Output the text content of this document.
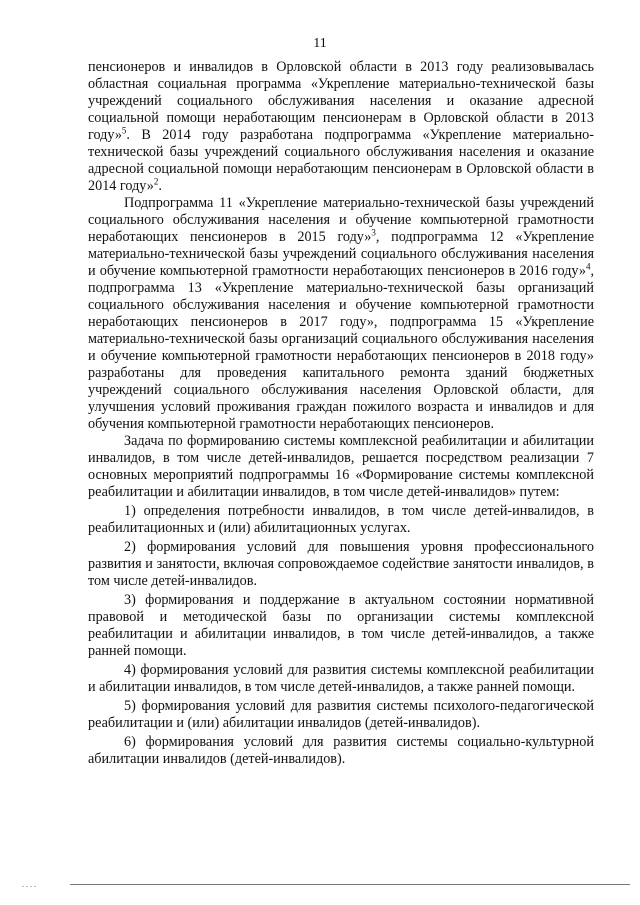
11

пенсионеров и инвалидов в Орловской области в 2013 году реализовывалась областная социальная программа «Укрепление материально-технической базы учреждений социального обслуживания населения и оказание адресной социальной помощи неработающим пенсионерам в Орловской области в 2013 году»$^5$. В 2014 году разработана подпрограмма «Укрепление материально-технической базы учреждений социального обслуживания населения и оказание адресной социальной помощи неработающим пенсионерам в Орловской области в 2014 году»$^2$.

Подпрограмма 11 «Укрепление материально-технической базы учреждений социального обслуживания населения и обучение компьютерной грамотности неработающих пенсионеров в 2015 году»$^3$, подпрограмма 12 «Укрепление материально-технической базы учреждений социального обслуживания населения и обучение компьютерной грамотности неработающих пенсионеров в 2016 году»$^4$, подпрограмма 13 «Укрепление материально-технической базы организаций социального обслуживания населения и обучение компьютерной грамотности неработающих пенсионеров в 2017 году», подпрограмма 15 «Укрепление материально-технической базы организаций социального обслуживания населения и обучение компьютерной грамотности неработающих пенсионеров в 2018 году» разработаны для проведения капитального ремонта зданий бюджетных учреждений социального обслуживания населения Орловской области, для улучшения условий проживания граждан пожилого возраста и инвалидов и для обучения компьютерной грамотности неработающих пенсионеров.

Задача по формированию системы комплексной реабилитации и абилитации инвалидов, в том числе детей-инвалидов, решается посредством реализации 7 основных мероприятий подпрограммы 16 «Формирование системы комплексной реабилитации и абилитации инвалидов, в том числе детей-инвалидов» путем:

1) определения потребности инвалидов, в том числе детей-инвалидов, в реабилитационных и (или) абилитационных услугах.

2) формирования условий для повышения уровня профессионального развития и занятости, включая сопровождаемое содействие занятости инвалидов, в том числе детей-инвалидов.

3) формирования и поддержание в актуальном состоянии нормативной правовой и методической базы по организации системы комплексной реабилитации и абилитации инвалидов, в том числе детей-инвалидов, а также ранней помощи.

4) формирования условий для развития системы комплексной реабилитации и абилитации инвалидов, в том числе детей-инвалидов, а также ранней помощи.

5) формирования условий для развития системы психолого-педагогической реабилитации и (или) абилитации инвалидов (детей-инвалидов).

6) формирования условий для развития системы социально-культурной абилитации инвалидов (детей-инвалидов).

....
